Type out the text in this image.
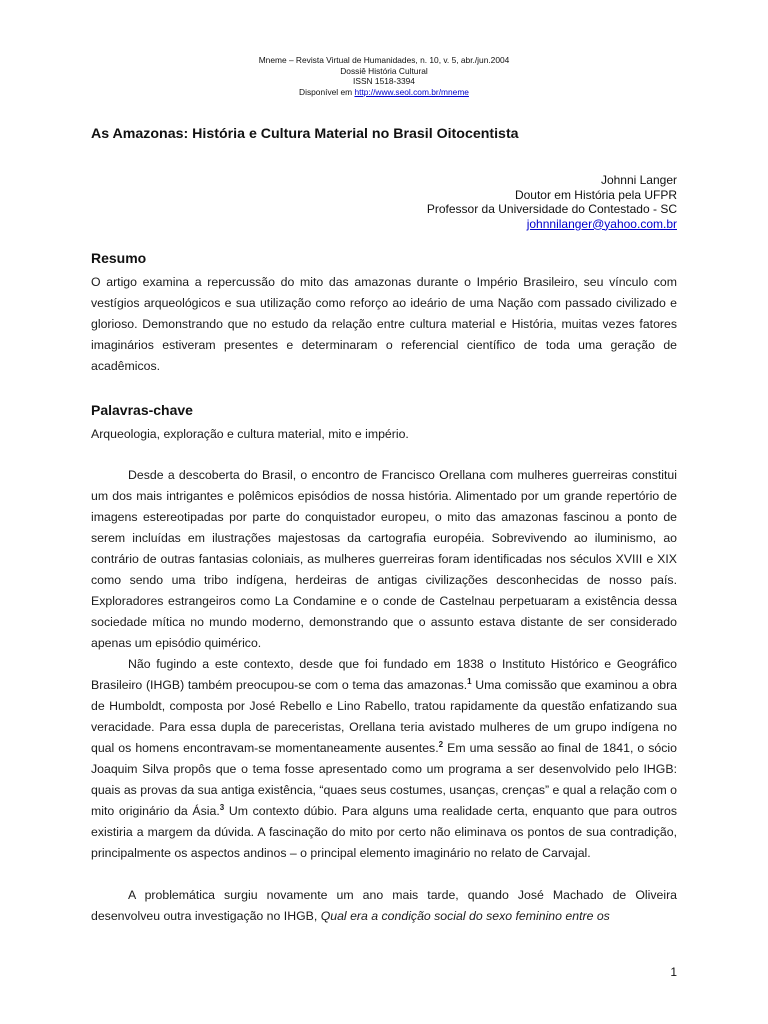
Mneme – Revista Virtual de Humanidades, n. 10, v. 5, abr./jun.2004
Dossiê História Cultural
ISSN 1518-3394
Disponível em http://www.seol.com.br/mneme
As Amazonas: História e Cultura Material no Brasil Oitocentista
Johnni Langer
Doutor em História pela UFPR
Professor da Universidade do Contestado - SC
johnnilanger@yahoo.com.br
Resumo
O artigo examina a repercussão do mito das amazonas durante o Império Brasileiro, seu vínculo com vestígios arqueológicos e sua utilização como reforço ao ideário de uma Nação com passado civilizado e glorioso. Demonstrando que no estudo da relação entre cultura material e História, muitas vezes fatores imaginários estiveram presentes e determinaram o referencial científico de toda uma geração de acadêmicos.
Palavras-chave
Arqueologia, exploração e cultura material, mito e império.
Desde a descoberta do Brasil, o encontro de Francisco Orellana com mulheres guerreiras constitui um dos mais intrigantes e polêmicos episódios de nossa história. Alimentado por um grande repertório de imagens estereotipadas por parte do conquistador europeu, o mito das amazonas fascinou a ponto de serem incluídas em ilustrações majestosas da cartografia européia. Sobrevivendo ao iluminismo, ao contrário de outras fantasias coloniais, as mulheres guerreiras foram identificadas nos séculos XVIII e XIX como sendo uma tribo indígena, herdeiras de antigas civilizações desconhecidas de nosso país. Exploradores estrangeiros como La Condamine e o conde de Castelnau perpetuaram a existência dessa sociedade mítica no mundo moderno, demonstrando que o assunto estava distante de ser considerado apenas um episódio quimérico.
Não fugindo a este contexto, desde que foi fundado em 1838 o Instituto Histórico e Geográfico Brasileiro (IHGB) também preocupou-se com o tema das amazonas.$^1$ Uma comissão que examinou a obra de Humboldt, composta por José Rebello e Lino Rabello, tratou rapidamente da questão enfatizando sua veracidade. Para essa dupla de pareceristas, Orellana teria avistado mulheres de um grupo indígena no qual os homens encontravam-se momentaneamente ausentes.$^2$ Em uma sessão ao final de 1841, o sócio Joaquim Silva propôs que o tema fosse apresentado como um programa a ser desenvolvido pelo IHGB: quais as provas da sua antiga existência, “quaes seus costumes, usanças, crenças” e qual a relação com o mito originário da Ásia.$^3$ Um contexto dúbio. Para alguns uma realidade certa, enquanto que para outros existiria a margem da dúvida. A fascinação do mito por certo não eliminava os pontos de sua contradição, principalmente os aspectos andinos – o principal elemento imaginário no relato de Carvajal.
A problemática surgiu novamente um ano mais tarde, quando José Machado de Oliveira desenvolveu outra investigação no IHGB, Qual era a condição social do sexo feminino entre os
1
